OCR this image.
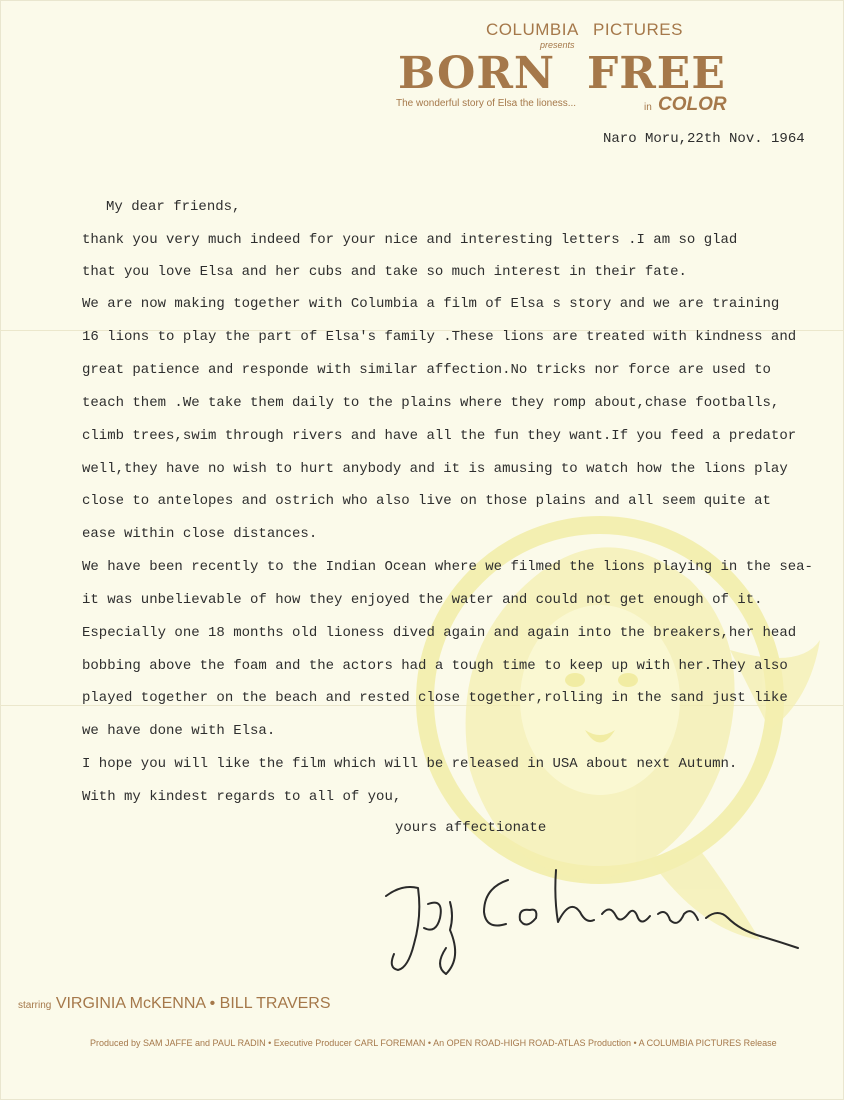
COLUMBIA PICTURES
presents
BORN FREE
The wonderful story of Elsa the lioness...	in COLOR
Naro Moru,22th Nov. 1964
My dear friends,
thank you very much indeed for your nice and interesting letters .I am so glad
that you love Elsa and her cubs and take so much interest in their fate.
We are now making together with Columbia a film of Elsa s story and we are training
16 lions to play the part of Elsa's family .These lions are treated with kindness and
great patience and responde with similar affection.No tricks nor force are used to
teach them .We take them daily to the plains where they romp about,chase footballs,
climb trees,swim through rivers and have all the fun they want.If you feed a predator
well,they have no wish to hurt anybody and it is amusing to watch how the lions play
close to antelopes and ostrich who also live on those plains and all seem quite at
ease within close distances.
We have been recently to the Indian Ocean where we filmed the lions playing in the sea-
it was unbelievable of how they enjoyed the water and could not get enough of it.
Especially one 18 months old lioness dived again and again into the breakers,her head
bobbing above the foam and the actors had a tough time to keep up with her.They also
played together on the beach and rested close together,rolling in the sand just like
we have done with Elsa.
I hope you will like the film which will be released in USA about next Autumn.
With my kindest regards to all of you,
yours affectionate
starring VIRGINIA McKENNA • BILL TRAVERS
Produced by SAM JAFFE and PAUL RADIN • Executive Producer CARL FOREMAN • An OPEN ROAD-HIGH ROAD-ATLAS Production • A COLUMBIA PICTURES Release
